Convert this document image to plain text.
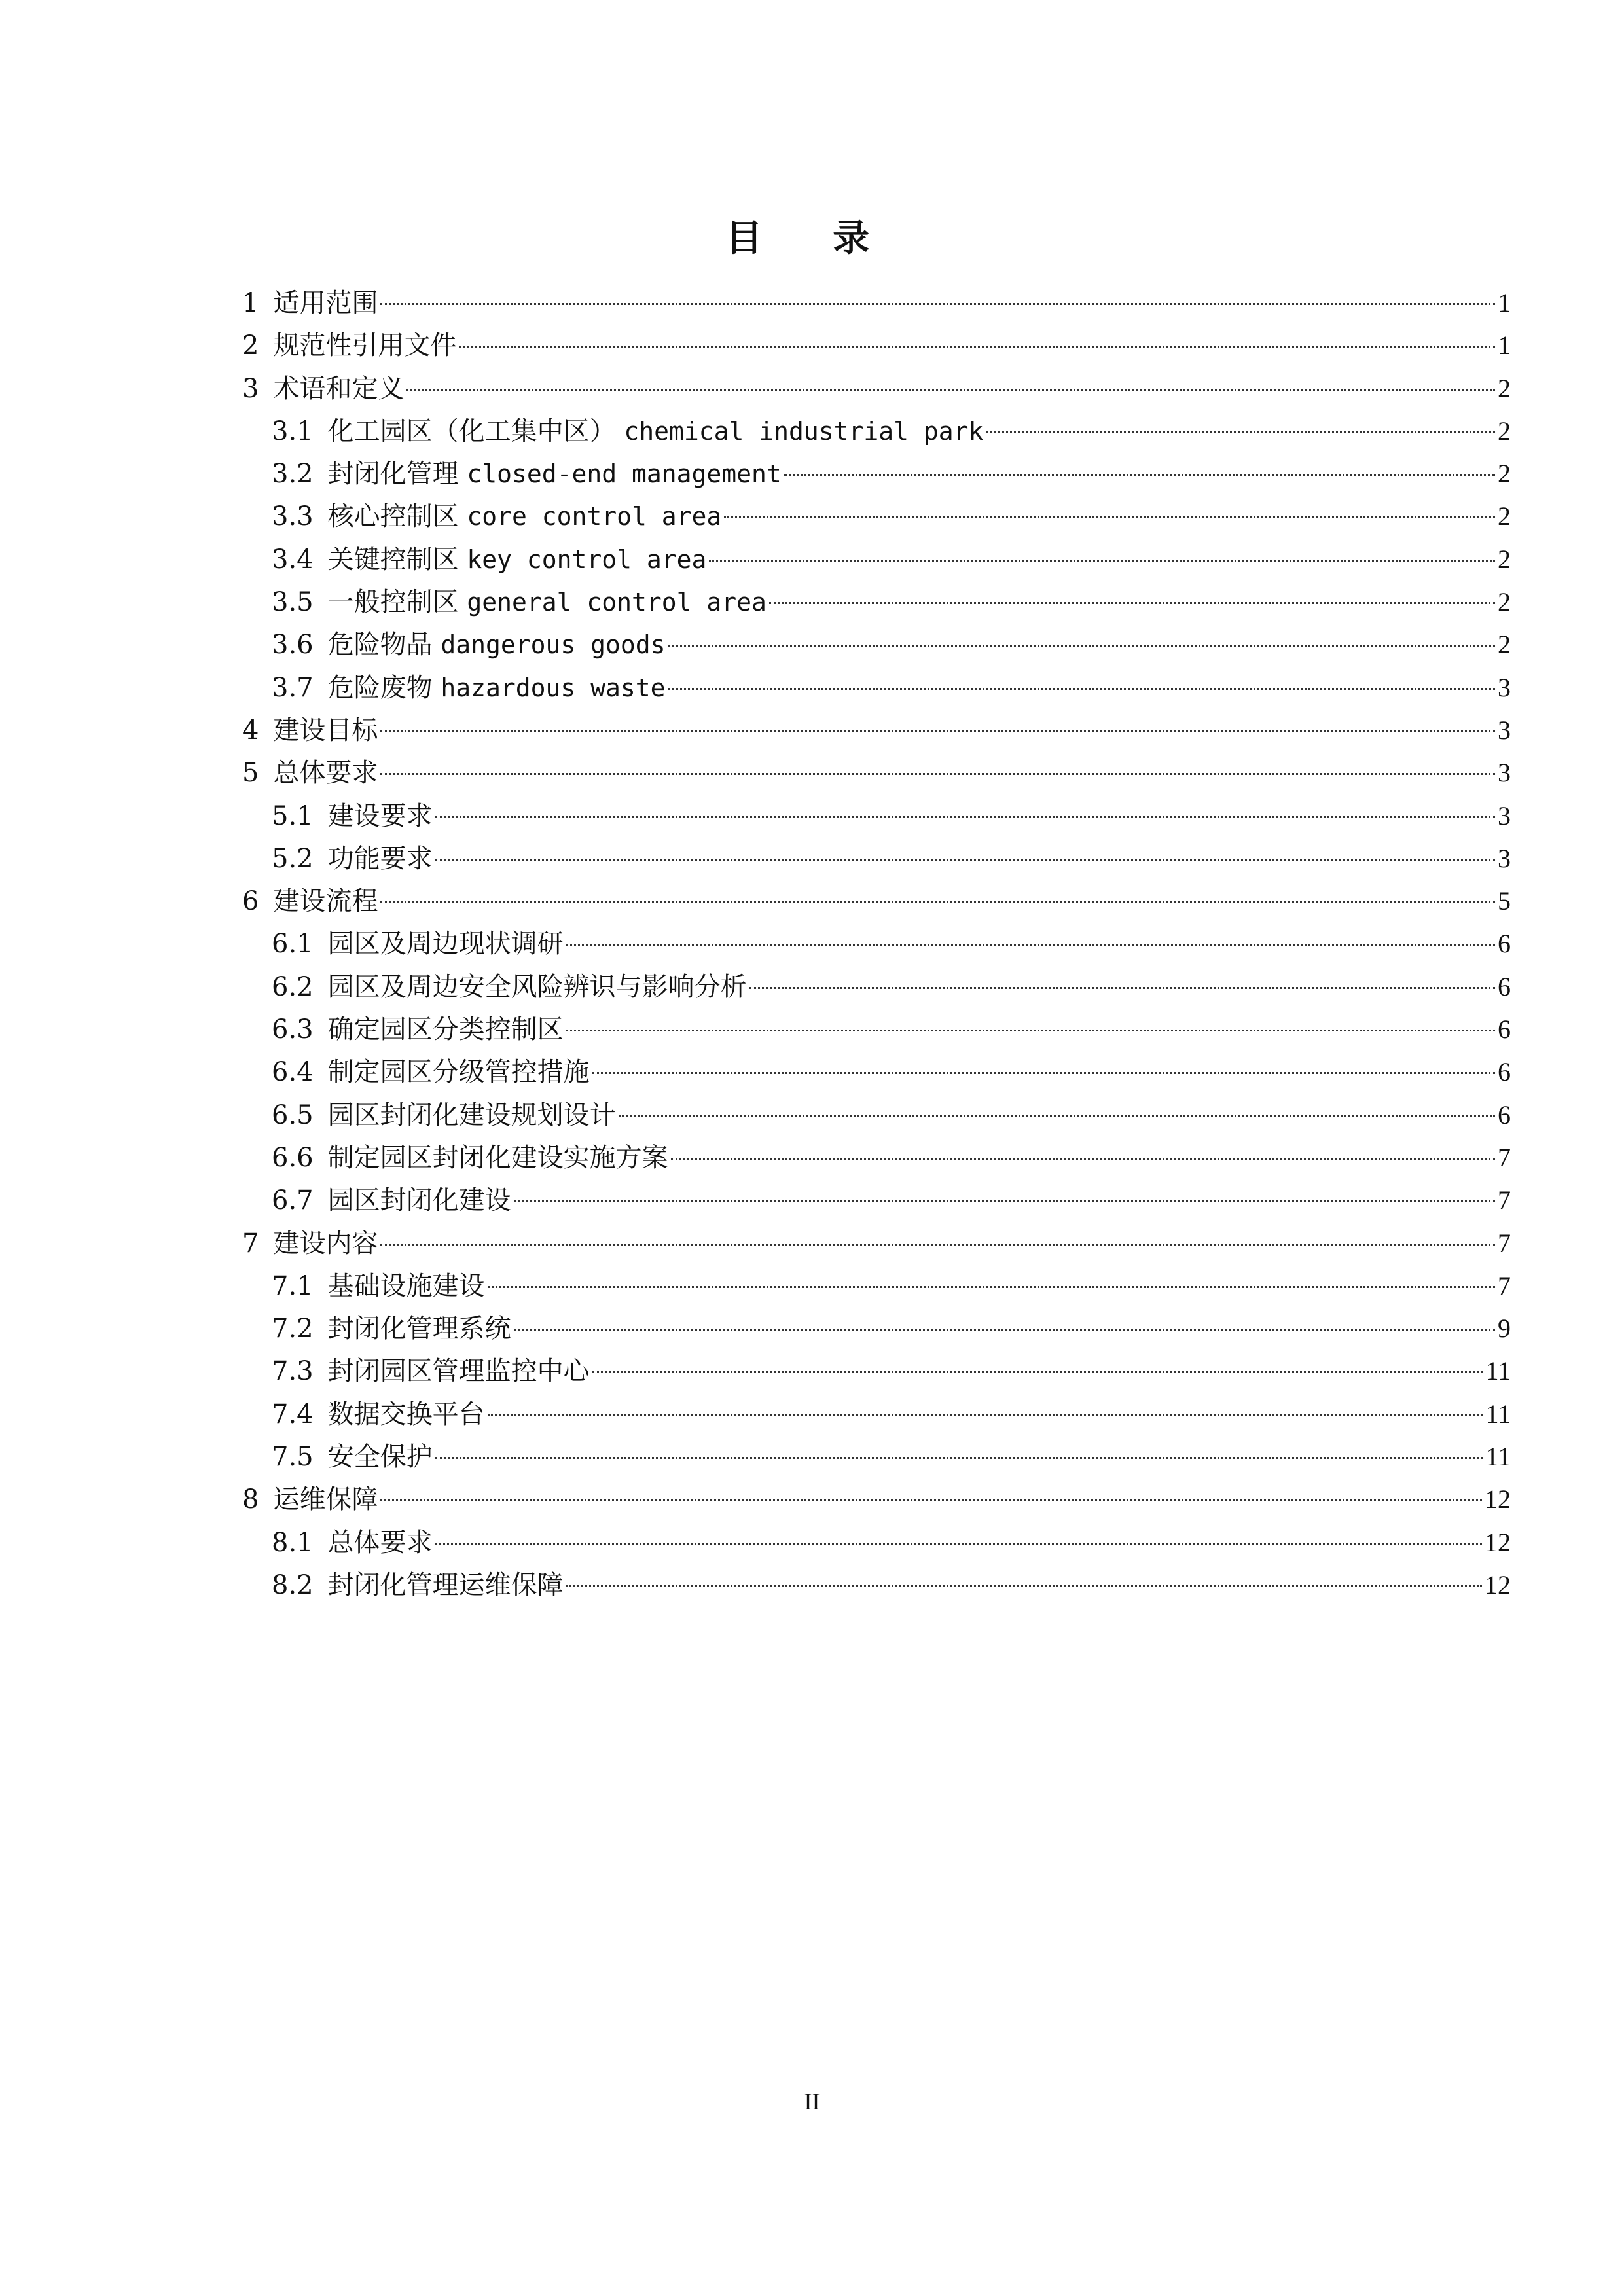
目 录
1 适用范围	1
2 规范性引用文件	1
3 术语和定义	2
3.1 化工园区（化工集中区） chemical industrial park	2
3.2 封闭化管理 closed-end management	2
3.3 核心控制区 core control area	2
3.4 关键控制区 key control area	2
3.5 一般控制区 general control area	2
3.6 危险物品 dangerous goods	2
3.7 危险废物 hazardous waste	3
4 建设目标	3
5 总体要求	3
5.1 建设要求	3
5.2 功能要求	3
6 建设流程	5
6.1 园区及周边现状调研	6
6.2 园区及周边安全风险辨识与影响分析	6
6.3 确定园区分类控制区	6
6.4 制定园区分级管控措施	6
6.5 园区封闭化建设规划设计	6
6.6 制定园区封闭化建设实施方案	7
6.7 园区封闭化建设	7
7 建设内容	7
7.1 基础设施建设	7
7.2 封闭化管理系统	9
7.3 封闭园区管理监控中心	11
7.4 数据交换平台	11
7.5 安全保护	11
8 运维保障	12
8.1 总体要求	12
8.2 封闭化管理运维保障	12
II
